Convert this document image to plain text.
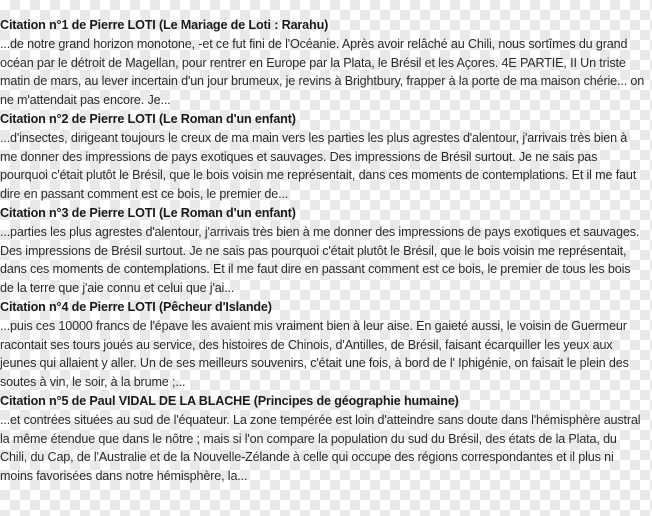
Citation n°1 de Pierre LOTI (Le Mariage de Loti : Rarahu)
...de notre grand horizon monotone, -et ce fut fini de l'Océanie. Après avoir relâché au Chili, nous sortîmes du grand
océan par le détroit de Magellan, pour rentrer en Europe par la Plata, le Brésil et les Açores. 4E PARTIE, II Un triste
matin de mars, au lever incertain d'un jour brumeux, je revins à Brightbury, frapper à la porte de ma maison chérie... on
ne m'attendait pas encore. Je...
Citation n°2 de Pierre LOTI (Le Roman d'un enfant)
...d'insectes, dirigeant toujours le creux de ma main vers les parties les plus agrestes d'alentour, j'arrivais très bien à
me donner des impressions de pays exotiques et sauvages. Des impressions de Brésil surtout. Je ne sais pas
pourquoi c'était plutôt le Brésil, que le bois voisin me représentait, dans ces moments de contemplations. Et il me faut
dire en passant comment est ce bois, le premier de...
Citation n°3 de Pierre LOTI (Le Roman d'un enfant)
...parties les plus agrestes d'alentour, j'arrivais très bien à me donner des impressions de pays exotiques et sauvages.
Des impressions de Brésil surtout. Je ne sais pas pourquoi c'était plutôt le Brésil, que le bois voisin me représentait,
dans ces moments de contemplations. Et il me faut dire en passant comment est ce bois, le premier de tous les bois
de la terre que j'aie connu et celui que j'ai...
Citation n°4 de Pierre LOTI (Pêcheur d'Islande)
...puis ces 10000 francs de l'épave les avaient mis vraiment bien à leur aise. En gaieté aussi, le voisin de Guermeur
racontait ses tours joués au service, des histoires de Chinois, d'Antilles, de Brésil, faisant écarquiller les yeux aux
jeunes qui allaient y aller. Un de ses meilleurs souvenirs, c'était une fois, à bord de l' Iphigénie, on faisait le plein des
soutes à vin, le soir, à la brume ;...
Citation n°5 de Paul VIDAL DE LA BLACHE (Principes de géographie humaine)
...et contrées situées au sud de l'équateur. La zone tempérée est loin d'atteindre sans doute dans l'hémisphère austral
la même étendue que dans le nôtre ; mais si l'on compare la population du sud du Brésil, des états de la Plata, du
Chili, du Cap, de l'Australie et de la Nouvelle-Zélande à celle qui occupe des régions correspondantes et il plus ni
moins favorisées dans notre hémisphère, la...
